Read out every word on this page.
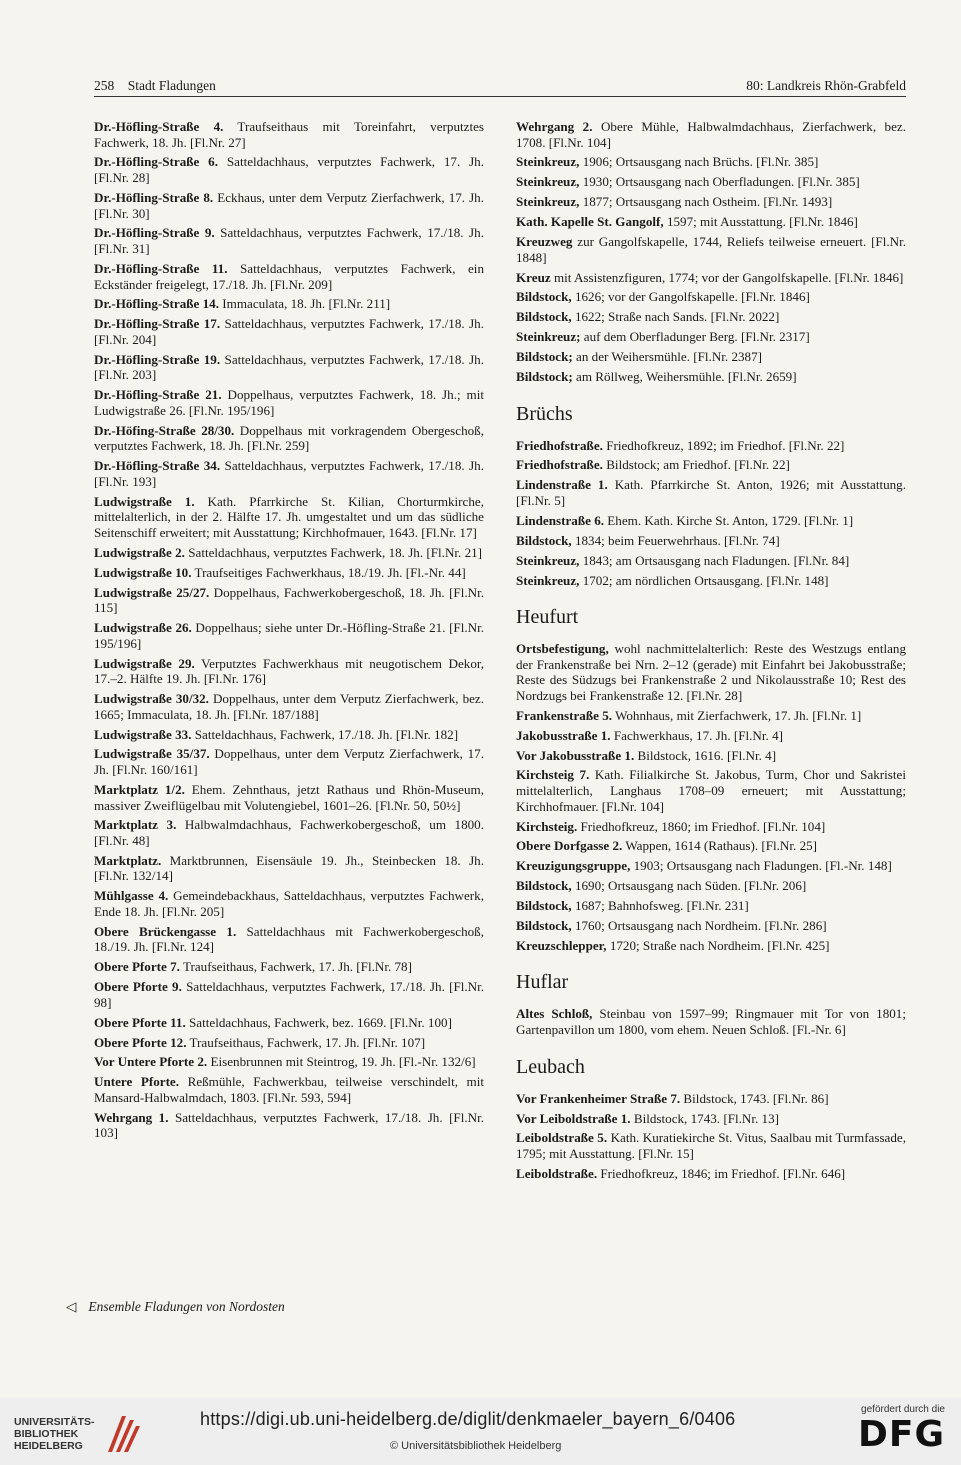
258 Stadt Fladungen	80: Landkreis Rhön-Grabfeld

Dr.-Höfling-Straße 4. Traufseithaus mit Toreinfahrt, verputztes Fachwerk, 18. Jh. [Fl.Nr. 27]

Dr.-Höfling-Straße 6. Satteldachhaus, verputztes Fachwerk, 17. Jh. [Fl.Nr. 28]

Dr.-Höfling-Straße 8. Eckhaus, unter dem Verputz Zierfachwerk, 17. Jh. [Fl.Nr. 30]

Dr.-Höfling-Straße 9. Satteldachhaus, verputztes Fachwerk, 17./18. Jh. [Fl.Nr. 31]

Dr.-Höfling-Straße 11. Satteldachhaus, verputztes Fachwerk, ein Eckständer freigelegt, 17./18. Jh. [Fl.Nr. 209]

Dr.-Höfling-Straße 14. Immaculata, 18. Jh. [Fl.Nr. 211]

Dr.-Höfling-Straße 17. Satteldachhaus, verputztes Fachwerk, 17./18. Jh. [Fl.Nr. 204]

Dr.-Höfling-Straße 19. Satteldachhaus, verputztes Fachwerk, 17./18. Jh. [Fl.Nr. 203]

Dr.-Höfling-Straße 21. Doppelhaus, verputztes Fachwerk, 18. Jh.; mit Ludwigstraße 26. [Fl.Nr. 195/196]

Dr.-Höfing-Straße 28/30. Doppelhaus mit vorkragendem Obergeschoß, verputztes Fachwerk, 18. Jh. [Fl.Nr. 259]

Dr.-Höfling-Straße 34. Satteldachhaus, verputztes Fachwerk, 17./18. Jh. [Fl.Nr. 193]

Ludwigstraße 1. Kath. Pfarrkirche St. Kilian, Chorturmkirche, mittelalterlich, in der 2. Hälfte 17. Jh. umgestaltet und um das südliche Seitenschiff erweitert; mit Ausstattung; Kirchhofmauer, 1643. [Fl.Nr. 17]

Ludwigstraße 2. Satteldachhaus, verputztes Fachwerk, 18. Jh. [Fl.Nr. 21]

Ludwigstraße 10. Traufseitiges Fachwerkhaus, 18./19. Jh. [Fl.-Nr. 44]

Ludwigstraße 25/27. Doppelhaus, Fachwerkobergeschoß, 18. Jh. [Fl.Nr. 115]

Ludwigstraße 26. Doppelhaus; siehe unter Dr.-Höfling-Straße 21. [Fl.Nr. 195/196]

Ludwigstraße 29. Verputztes Fachwerkhaus mit neugotischem Dekor, 17.–2. Hälfte 19. Jh. [Fl.Nr. 176]

Ludwigstraße 30/32. Doppelhaus, unter dem Verputz Zierfachwerk, bez. 1665; Immaculata, 18. Jh. [Fl.Nr. 187/188]

Ludwigstraße 33. Satteldachhaus, Fachwerk, 17./18. Jh. [Fl.Nr. 182]

Ludwigstraße 35/37. Doppelhaus, unter dem Verputz Zierfachwerk, 17. Jh. [Fl.Nr. 160/161]

Marktplatz 1/2. Ehem. Zehnthaus, jetzt Rathaus und Rhön-Museum, massiver Zweiflügelbau mit Volutengiebel, 1601–26. [Fl.Nr. 50, 50½]

Marktplatz 3. Halbwalmdachhaus, Fachwerkobergeschoß, um 1800. [Fl.Nr. 48]

Marktplatz. Marktbrunnen, Eisensäule 19. Jh., Steinbecken 18. Jh. [Fl.Nr. 132/14]

Mühlgasse 4. Gemeindebackhaus, Satteldachhaus, verputztes Fachwerk, Ende 18. Jh. [Fl.Nr. 205]

Obere Brückengasse 1. Satteldachhaus mit Fachwerkobergeschoß, 18./19. Jh. [Fl.Nr. 124]

Obere Pforte 7. Traufseithaus, Fachwerk, 17. Jh. [Fl.Nr. 78]

Obere Pforte 9. Satteldachhaus, verputztes Fachwerk, 17./18. Jh. [Fl.Nr. 98]

Obere Pforte 11. Satteldachhaus, Fachwerk, bez. 1669. [Fl.Nr. 100]

Obere Pforte 12. Traufseithaus, Fachwerk, 17. Jh. [Fl.Nr. 107]

Vor Untere Pforte 2. Eisenbrunnen mit Steintrog, 19. Jh. [Fl.-Nr. 132/6]

Untere Pforte. Reßmühle, Fachwerkbau, teilweise verschindelt, mit Mansard-Halbwalmdach, 1803. [Fl.Nr. 593, 594]

Wehrgang 1. Satteldachhaus, verputztes Fachwerk, 17./18. Jh. [Fl.Nr. 103]

Wehrgang 2. Obere Mühle, Halbwalmdachhaus, Zierfachwerk, bez. 1708. [Fl.Nr. 104]

Steinkreuz, 1906; Ortsausgang nach Brüchs. [Fl.Nr. 385]

Steinkreuz, 1930; Ortsausgang nach Oberfladungen. [Fl.Nr. 385]

Steinkreuz, 1877; Ortsausgang nach Ostheim. [Fl.Nr. 1493]

Kath. Kapelle St. Gangolf, 1597; mit Ausstattung. [Fl.Nr. 1846]

Kreuzweg zur Gangolfskapelle, 1744, Reliefs teilweise erneuert. [Fl.Nr. 1848]

Kreuz mit Assistenzfiguren, 1774; vor der Gangolfskapelle. [Fl.Nr. 1846]

Bildstock, 1626; vor der Gangolfskapelle. [Fl.Nr. 1846]

Bildstock, 1622; Straße nach Sands. [Fl.Nr. 2022]

Steinkreuz; auf dem Oberfladunger Berg. [Fl.Nr. 2317]

Bildstock; an der Weihersmühle. [Fl.Nr. 2387]

Bildstock; am Röllweg, Weihersmühle. [Fl.Nr. 2659]

Brüchs

Friedhofstraße. Friedhofkreuz, 1892; im Friedhof. [Fl.Nr. 22]

Friedhofstraße. Bildstock; am Friedhof. [Fl.Nr. 22]

Lindenstraße 1. Kath. Pfarrkirche St. Anton, 1926; mit Ausstattung. [Fl.Nr. 5]

Lindenstraße 6. Ehem. Kath. Kirche St. Anton, 1729. [Fl.Nr. 1]

Bildstock, 1834; beim Feuerwehrhaus. [Fl.Nr. 74]

Steinkreuz, 1843; am Ortsausgang nach Fladungen. [Fl.Nr. 84]

Steinkreuz, 1702; am nördlichen Ortsausgang. [Fl.Nr. 148]

Heufurt

Ortsbefestigung, wohl nachmittelalterlich: Reste des Westzugs entlang der Frankenstraße bei Nrn. 2–12 (gerade) mit Einfahrt bei Jakobusstraße; Reste des Südzugs bei Frankenstraße 2 und Nikolausstraße 10; Rest des Nordzugs bei Frankenstraße 12. [Fl.Nr. 28]

Frankenstraße 5. Wohnhaus, mit Zierfachwerk, 17. Jh. [Fl.Nr. 1]

Jakobusstraße 1. Fachwerkhaus, 17. Jh. [Fl.Nr. 4]

Vor Jakobusstraße 1. Bildstock, 1616. [Fl.Nr. 4]

Kirchsteig 7. Kath. Filialkirche St. Jakobus, Turm, Chor und Sakristei mittelalterlich, Langhaus 1708–09 erneuert; mit Ausstattung; Kirchhofmauer. [Fl.Nr. 104]

Kirchsteig. Friedhofkreuz, 1860; im Friedhof. [Fl.Nr. 104]

Obere Dorfgasse 2. Wappen, 1614 (Rathaus). [Fl.Nr. 25]

Kreuzigungsgruppe, 1903; Ortsausgang nach Fladungen. [Fl.-Nr. 148]

Bildstock, 1690; Ortsausgang nach Süden. [Fl.Nr. 206]

Bildstock, 1687; Bahnhofsweg. [Fl.Nr. 231]

Bildstock, 1760; Ortsausgang nach Nordheim. [Fl.Nr. 286]

Kreuzschlepper, 1720; Straße nach Nordheim. [Fl.Nr. 425]

Huflar

Altes Schloß, Steinbau von 1597–99; Ringmauer mit Tor von 1801; Gartenpavillon um 1800, vom ehem. Neuen Schloß. [Fl.-Nr. 6]

Leubach

Vor Frankenheimer Straße 7. Bildstock, 1743. [Fl.Nr. 86]

Vor Leiboldstraße 1. Bildstock, 1743. [Fl.Nr. 13]

Leiboldstraße 5. Kath. Kuratiekirche St. Vitus, Saalbau mit Turmfassade, 1795; mit Ausstattung. [Fl.Nr. 15]

Leiboldstraße. Friedhofkreuz, 1846; im Friedhof. [Fl.Nr. 646]

◁ Ensemble Fladungen von Nordosten
UNIVERSITÄTS-
BIBLIOTHEK
HEIDELBERG
https://digi.ub.uni-heidelberg.de/diglit/denkmaeler_bayern_6/0406
© Universitätsbibliothek Heidelberg
gefördert durch die
DFG
